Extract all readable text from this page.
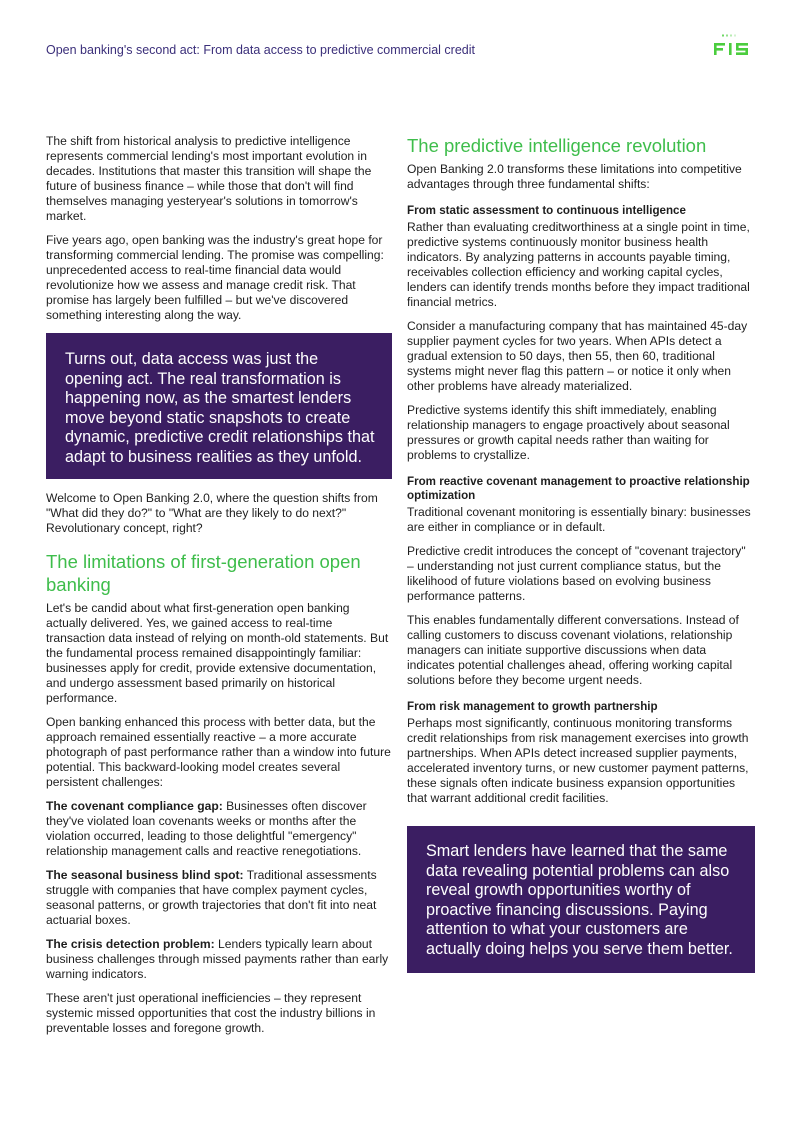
Open banking's second act: From data access to predictive commercial credit

The shift from historical analysis to predictive intelligence represents commercial lending's most important evolution in decades. Institutions that master this transition will shape the future of business finance – while those that don't will find themselves managing yesteryear's solutions in tomorrow's market.

Five years ago, open banking was the industry's great hope for transforming commercial lending. The promise was compelling: unprecedented access to real-time financial data would revolutionize how we assess and manage credit risk. That promise has largely been fulfilled – but we've discovered something interesting along the way.

Turns out, data access was just the opening act. The real transformation is happening now, as the smartest lenders move beyond static snapshots to create dynamic, predictive credit relationships that adapt to business realities as they unfold.

Welcome to Open Banking 2.0, where the question shifts from "What did they do?" to "What are they likely to do next?" Revolutionary concept, right?

The limitations of first-generation open banking

Let's be candid about what first-generation open banking actually delivered. Yes, we gained access to real-time transaction data instead of relying on month-old statements. But the fundamental process remained disappointingly familiar: businesses apply for credit, provide extensive documentation, and undergo assessment based primarily on historical performance.

Open banking enhanced this process with better data, but the approach remained essentially reactive – a more accurate photograph of past performance rather than a window into future potential. This backward-looking model creates several persistent challenges:

The covenant compliance gap: Businesses often discover they've violated loan covenants weeks or months after the violation occurred, leading to those delightful "emergency" relationship management calls and reactive renegotiations.

The seasonal business blind spot: Traditional assessments struggle with companies that have complex payment cycles, seasonal patterns, or growth trajectories that don't fit into neat actuarial boxes.

The crisis detection problem: Lenders typically learn about business challenges through missed payments rather than early warning indicators.

These aren't just operational inefficiencies – they represent systemic missed opportunities that cost the industry billions in preventable losses and foregone growth.

The predictive intelligence revolution

Open Banking 2.0 transforms these limitations into competitive advantages through three fundamental shifts:

From static assessment to continuous intelligence

Rather than evaluating creditworthiness at a single point in time, predictive systems continuously monitor business health indicators. By analyzing patterns in accounts payable timing, receivables collection efficiency and working capital cycles, lenders can identify trends months before they impact traditional financial metrics.

Consider a manufacturing company that has maintained 45-day supplier payment cycles for two years. When APIs detect a gradual extension to 50 days, then 55, then 60, traditional systems might never flag this pattern – or notice it only when other problems have already materialized.

Predictive systems identify this shift immediately, enabling relationship managers to engage proactively about seasonal pressures or growth capital needs rather than waiting for problems to crystallize.

From reactive covenant management to proactive relationship optimization

Traditional covenant monitoring is essentially binary: businesses are either in compliance or in default.

Predictive credit introduces the concept of "covenant trajectory" – understanding not just current compliance status, but the likelihood of future violations based on evolving business performance patterns.

This enables fundamentally different conversations. Instead of calling customers to discuss covenant violations, relationship managers can initiate supportive discussions when data indicates potential challenges ahead, offering working capital solutions before they become urgent needs.

From risk management to growth partnership

Perhaps most significantly, continuous monitoring transforms credit relationships from risk management exercises into growth partnerships. When APIs detect increased supplier payments, accelerated inventory turns, or new customer payment patterns, these signals often indicate business expansion opportunities that warrant additional credit facilities.

Smart lenders have learned that the same data revealing potential problems can also reveal growth opportunities worthy of proactive financing discussions. Paying attention to what your customers are actually doing helps you serve them better.
